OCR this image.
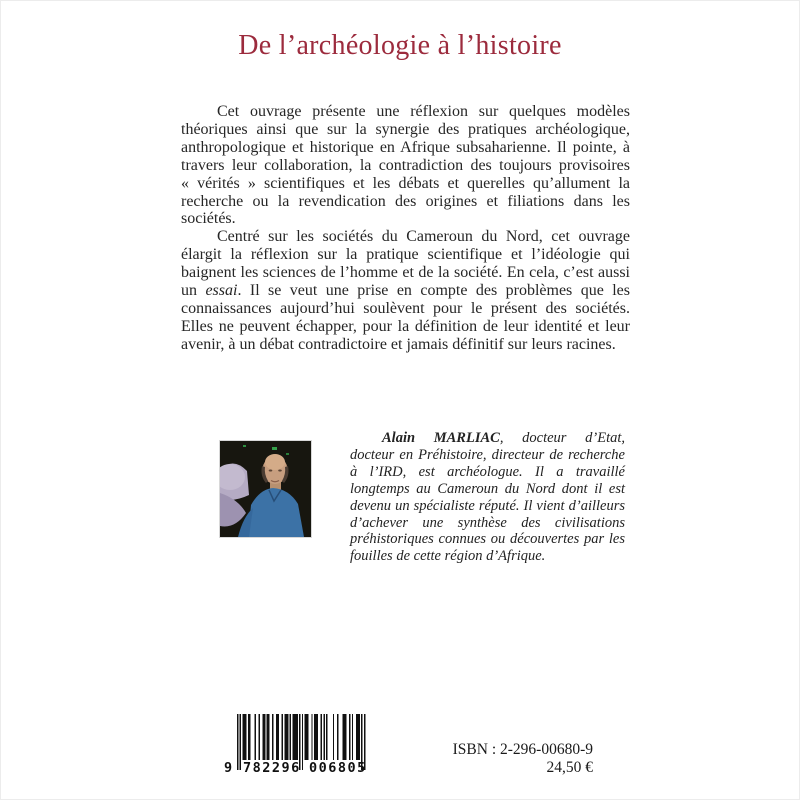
De l’archéologie à l’histoire

Cet ouvrage présente une réflexion sur quelques modèles théoriques ainsi que sur la synergie des pratiques archéologique, anthropologique et historique en Afrique subsaharienne. Il pointe, à travers leur collaboration, la contradiction des toujours provisoires « vérités » scientifiques et les débats et querelles qu’allument la recherche ou la revendication des origines et filiations dans les sociétés.

Centré sur les sociétés du Cameroun du Nord, cet ouvrage élargit la réflexion sur la pratique scientifique et l’idéologie qui baignent les sciences de l’homme et de la société. En cela, c’est aussi un essai. Il se veut une prise en compte des problèmes que les connaissances aujourd’hui soulèvent pour le présent des sociétés. Elles ne peuvent échapper, pour la définition de leur identité et leur avenir, à un débat contradictoire et jamais définitif sur leurs racines.

Alain MARLIAC, docteur d’Etat, docteur en Préhistoire, directeur de recherche à l’IRD, est archéologue. Il a travaillé longtemps au Cameroun du Nord dont il est devenu un spécialiste réputé. Il vient d’ailleurs d’achever une synthèse des civilisations préhistoriques connues ou découvertes par les fouilles de cette région d’Afrique.

9 782296 006805
ISBN : 2-296-00680-9
24,50 €
